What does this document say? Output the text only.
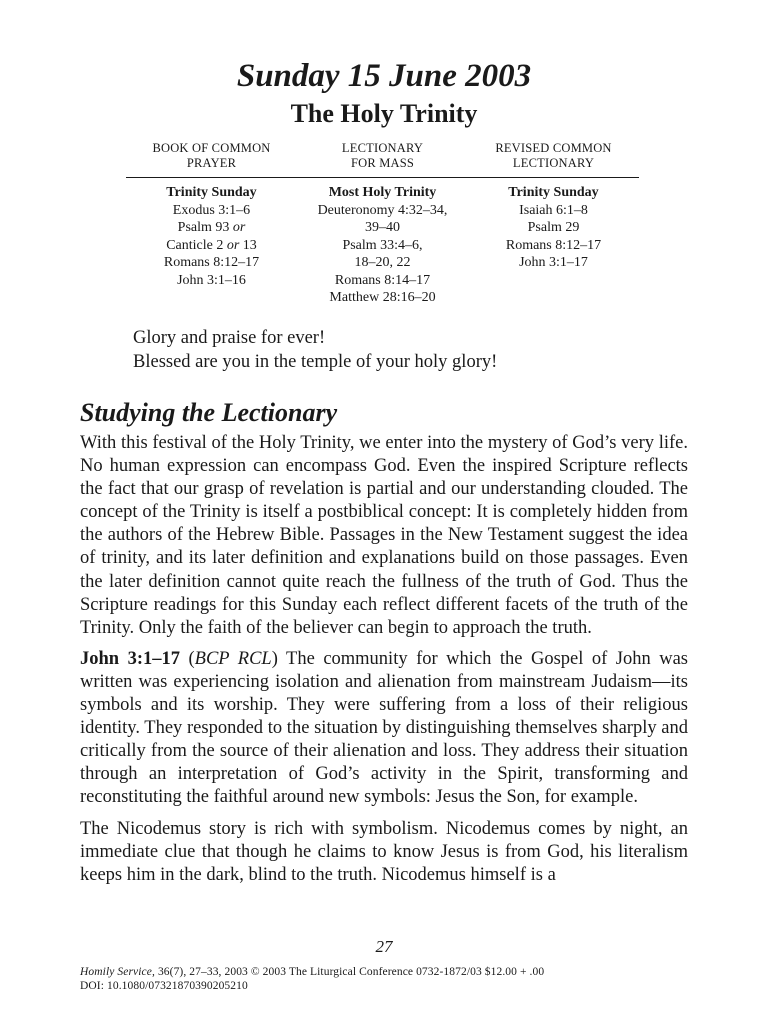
Sunday 15 June 2003
The Holy Trinity
BOOK OF COMMON
PRAYER
LECTIONARY
FOR MASS
REVISED COMMON
LECTIONARY
Trinity Sunday
Exodus 3:1–6
Psalm 93 or
Canticle 2 or 13
Romans 8:12–17
John 3:1–16
Most Holy Trinity
Deuteronomy 4:32–34,
39–40
Psalm 33:4–6,
18–20, 22
Romans 8:14–17
Matthew 28:16–20
Trinity Sunday
Isaiah 6:1–8
Psalm 29
Romans 8:12–17
John 3:1–17
Glory and praise for ever!
Blessed are you in the temple of your holy glory!
Studying the Lectionary

With this festival of the Holy Trinity, we enter into the mystery of God’s very life. No human expression can encompass God. Even the inspired Scripture reflects the fact that our grasp of revelation is partial and our understanding clouded. The concept of the Trinity is itself a postbiblical concept: It is completely hidden from the authors of the Hebrew Bible. Passages in the New Testament suggest the idea of trinity, and its later definition and explanations build on those passages. Even the later definition cannot quite reach the fullness of the truth of God. Thus the Scripture readings for this Sunday each reflect different facets of the truth of the Trinity. Only the faith of the believer can begin to approach the truth.

John 3:1–17 (BCP RCL) The community for which the Gospel of John was written was experiencing isolation and alienation from mainstream Judaism—its symbols and its worship. They were suffering from a loss of their religious identity. They responded to the situation by distinguishing themselves sharply and critically from the source of their alienation and loss. They address their situation through an interpretation of God’s activity in the Spirit, transforming and reconstituting the faithful around new symbols: Jesus the Son, for example.

The Nicodemus story is rich with symbolism. Nicodemus comes by night, an immediate clue that though he claims to know Jesus is from God, his literalism keeps him in the dark, blind to the truth. Nicodemus himself is a

27
Homily Service, 36(7), 27–33, 2003 © 2003 The Liturgical Conference 0732-1872/03 $12.00 + .00
DOI: 10.1080/07321870390205210
